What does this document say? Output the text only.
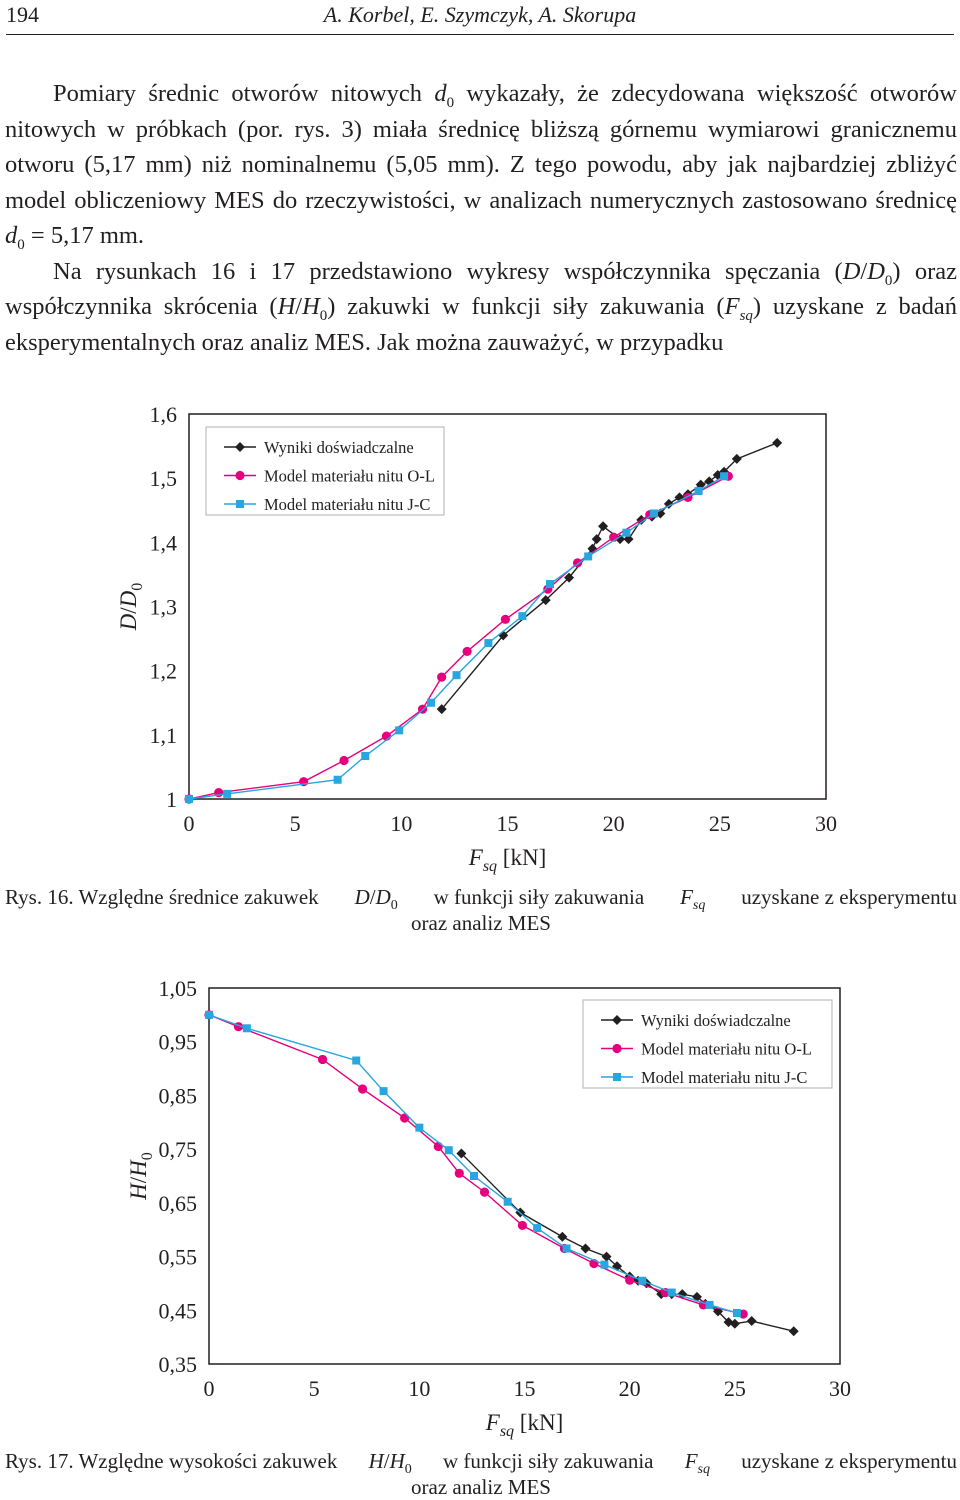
194	A. Korbel, E. Szymczyk, A. Skorupa

Pomiary średnic otworów nitowych $d_0$ wykazały, że zdecydowana większość otworów nitowych w próbkach (por. rys. 3) miała średnicę bliższą górnemu wymiarowi granicznemu otworu (5,17 mm) niż nominalnemu (5,05 mm). Z tego powodu, aby jak najbardziej zbliżyć model obliczeniowy MES do rzeczywistości, w analizach numerycznych zastosowano średnicę $d_0 = 5,17$ mm.

Na rysunkach 16 i 17 przedstawiono wykresy współczynnika spęczania $(D/D_0)$ oraz współczynnika skrócenia $(H/H_0)$ zakuwki w funkcji siły zakuwania $(F_{sq})$ uzyskane z badań eksperymentalnych oraz analiz MES. Jak można zauważyć, w przypadku

1
1,1
1,2
1,3
1,4
1,5
1,6
0	5	10	15	20	25	30
$F_{sq}$ [kN]
$D/D_0$
Wyniki doświadczalne
Model materiału nitu O-L
Model materiału nitu J-C
Rys. 16. Względne średnice zakuwek $D/D_0$ w funkcji siły zakuwania $F_{sq}$ uzyskane z eksperymentu
oraz analiz MES
0,35
0,45
0,55
0,65
0,75
0,85
0,95
1,05
0	5	10	15	20	25	30
$F_{sq}$ [kN]
$H/H_0$
Wyniki doświadczalne
Model materiału nitu O-L
Model materiału nitu J-C
Rys. 17. Względne wysokości zakuwek $H/H_0$ w funkcji siły zakuwania $F_{sq}$ uzyskane z eksperymentu
oraz analiz MES
